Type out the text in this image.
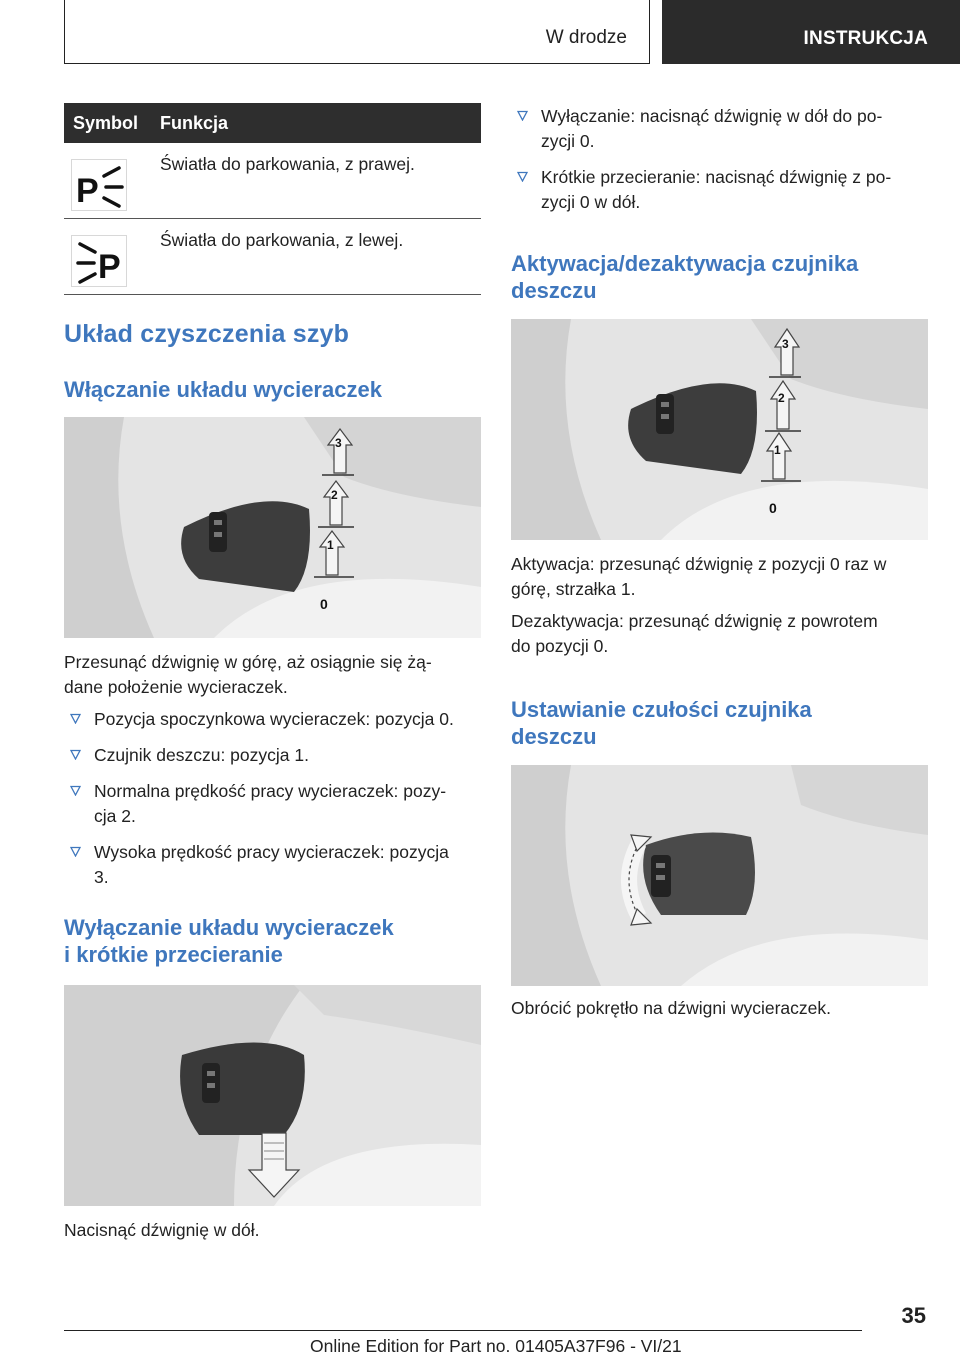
W drodze	INSTRUKCJA
Symbol Funkcja
P
Światła do parkowania, z prawej.
P
Światła do parkowania, z lewej.
Układ czyszczenia szyb
Włączanie układu wycieraczek
3
2
1
0
Przesunąć dźwignię w górę, aż osiągnie się żą-
dane położenie wycieraczek.
Pozycja spoczynkowa wycieraczek: pozycja 0.
Czujnik deszczu: pozycja 1.
Normalna prędkość pracy wycieraczek: pozy-
cja 2.
Wysoka prędkość pracy wycieraczek: pozycja
3.
Wyłączanie układu wycieraczek
i krótkie przecieranie
Nacisnąć dźwignię w dół.
Wyłączanie: nacisnąć dźwignię w dół do po-
zycji 0.
Krótkie przecieranie: nacisnąć dźwignię z po-
zycji 0 w dół.
Aktywacja/dezaktywacja czujnika
deszczu
3
2
1
0
Aktywacja: przesunąć dźwignię z pozycji 0 raz w
górę, strzałka 1.
Dezaktywacja: przesunąć dźwignię z powrotem
do pozycji 0.
Ustawianie czułości czujnika
deszczu
Obrócić pokrętło na dźwigni wycieraczek.
35
Online Edition for Part no. 01405A37F96 - VI/21
